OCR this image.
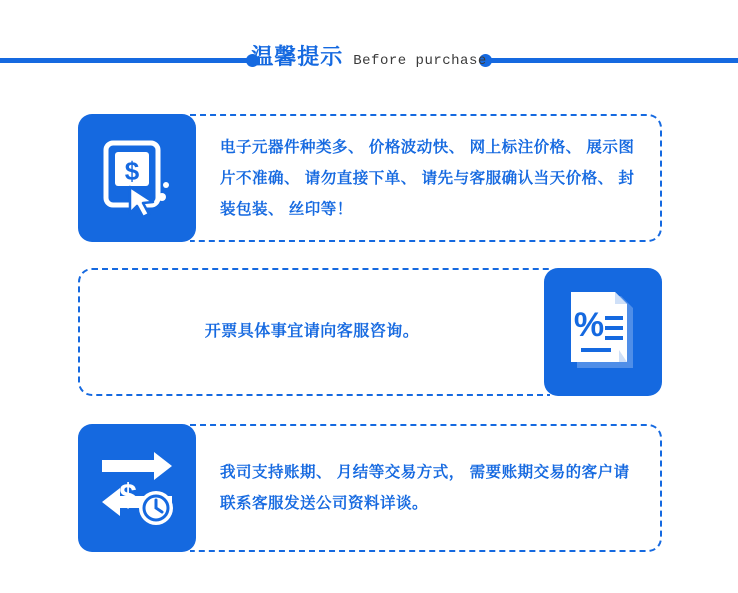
温馨提示 Before purchase
$

电子元器件种类多、 价格波动快、 网上标注价格、 展示图片不准确、 请勿直接下单、 请先与客服确认当天价格、 封装包装、 丝印等！

%

开票具体事宜请向客服咨询。

$

我司支持账期、 月结等交易方式， 需要账期交易的客户请联系客服发送公司资料详谈。
